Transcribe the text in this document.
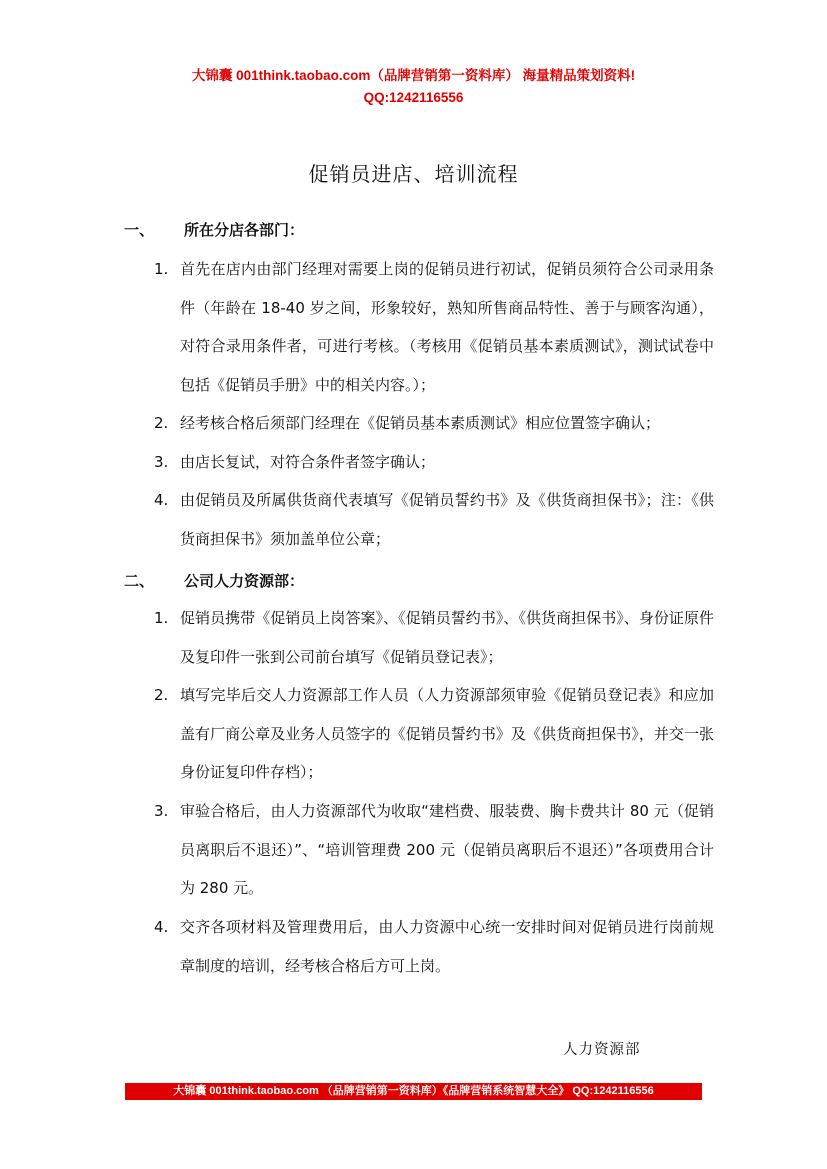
大锦囊 001think.taobao.com（品牌营销第一资料库） 海量精品策划资料!
QQ:1242116556
促销员进店、培训流程
一、 所在分店各部门：
1. 首先在店内由部门经理对需要上岗的促销员进行初试，促销员须符合公司录用条件（年龄在 18-40 岁之间，形象较好，熟知所售商品特性、善于与顾客沟通），对符合录用条件者，可进行考核。（考核用《促销员基本素质测试》，测试试卷中包括《促销员手册》中的相关内容。）；
2. 经考核合格后须部门经理在《促销员基本素质测试》相应位置签字确认；
3. 由店长复试，对符合条件者签字确认；
4. 由促销员及所属供货商代表填写《促销员誓约书》及《供货商担保书》；注：《供货商担保书》须加盖单位公章；
二、 公司人力资源部：
1. 促销员携带《促销员上岗答案》、《促销员誓约书》、《供货商担保书》、身份证原件及复印件一张到公司前台填写《促销员登记表》；
2. 填写完毕后交人力资源部工作人员（人力资源部须审验《促销员登记表》和应加盖有厂商公章及业务人员签字的《促销员誓约书》及《供货商担保书》，并交一张身份证复印件存档）；
3. 审验合格后，由人力资源部代为收取“建档费、服装费、胸卡费共计 80 元（促销员离职后不退还）”、“培训管理费 200 元（促销员离职后不退还）”各项费用合计为 280 元。
4. 交齐各项材料及管理费用后，由人力资源中心统一安排时间对促销员进行岗前规章制度的培训，经考核合格后方可上岗。
人力资源部
大锦囊 001think.taobao.com （品牌营销第一资料库）《品牌营销系统智慧大全》 QQ:1242116556
